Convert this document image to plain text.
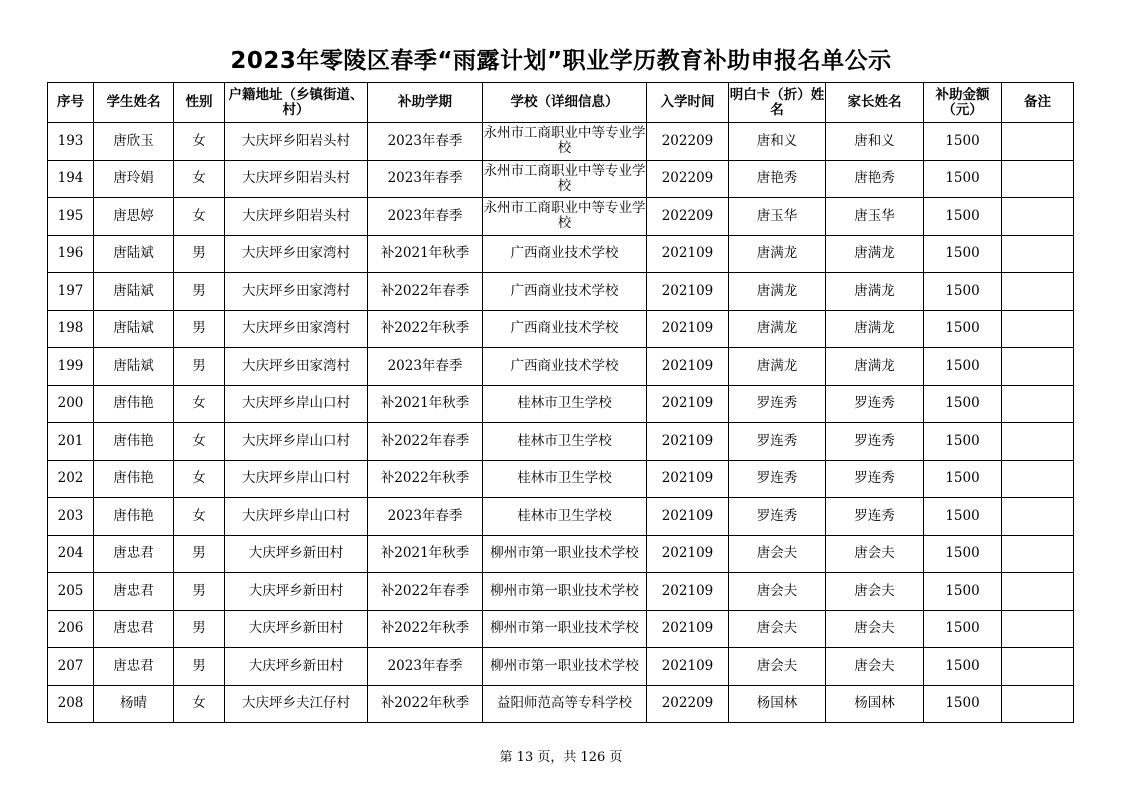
2023年零陵区春季“雨露计划”职业学历教育补助申报名单公示
序号	学生姓名	性别	户籍地址（乡镇街道、村）	补助学期	学校（详细信息）	入学时间	明白卡（折）姓名	家长姓名	补助金额（元）	备注
193	唐欣玉	女	大庆坪乡阳岩头村	2023年春季	永州市工商职业中等专业学校	202209	唐和义	唐和义	1500	
194	唐玲娟	女	大庆坪乡阳岩头村	2023年春季	永州市工商职业中等专业学校	202209	唐艳秀	唐艳秀	1500	
195	唐思婷	女	大庆坪乡阳岩头村	2023年春季	永州市工商职业中等专业学校	202209	唐玉华	唐玉华	1500	
196	唐陆斌	男	大庆坪乡田家湾村	补2021年秋季	广西商业技术学校	202109	唐满龙	唐满龙	1500	
197	唐陆斌	男	大庆坪乡田家湾村	补2022年春季	广西商业技术学校	202109	唐满龙	唐满龙	1500	
198	唐陆斌	男	大庆坪乡田家湾村	补2022年秋季	广西商业技术学校	202109	唐满龙	唐满龙	1500	
199	唐陆斌	男	大庆坪乡田家湾村	2023年春季	广西商业技术学校	202109	唐满龙	唐满龙	1500	
200	唐伟艳	女	大庆坪乡岸山口村	补2021年秋季	桂林市卫生学校	202109	罗连秀	罗连秀	1500	
201	唐伟艳	女	大庆坪乡岸山口村	补2022年春季	桂林市卫生学校	202109	罗连秀	罗连秀	1500	
202	唐伟艳	女	大庆坪乡岸山口村	补2022年秋季	桂林市卫生学校	202109	罗连秀	罗连秀	1500	
203	唐伟艳	女	大庆坪乡岸山口村	2023年春季	桂林市卫生学校	202109	罗连秀	罗连秀	1500	
204	唐忠君	男	大庆坪乡新田村	补2021年秋季	柳州市第一职业技术学校	202109	唐会夫	唐会夫	1500	
205	唐忠君	男	大庆坪乡新田村	补2022年春季	柳州市第一职业技术学校	202109	唐会夫	唐会夫	1500	
206	唐忠君	男	大庆坪乡新田村	补2022年秋季	柳州市第一职业技术学校	202109	唐会夫	唐会夫	1500	
207	唐忠君	男	大庆坪乡新田村	2023年春季	柳州市第一职业技术学校	202109	唐会夫	唐会夫	1500	
208	杨晴	女	大庆坪乡夫江仔村	补2022年秋季	益阳师范高等专科学校	202209	杨国林	杨国林	1500	
第 13 页，共 126 页
